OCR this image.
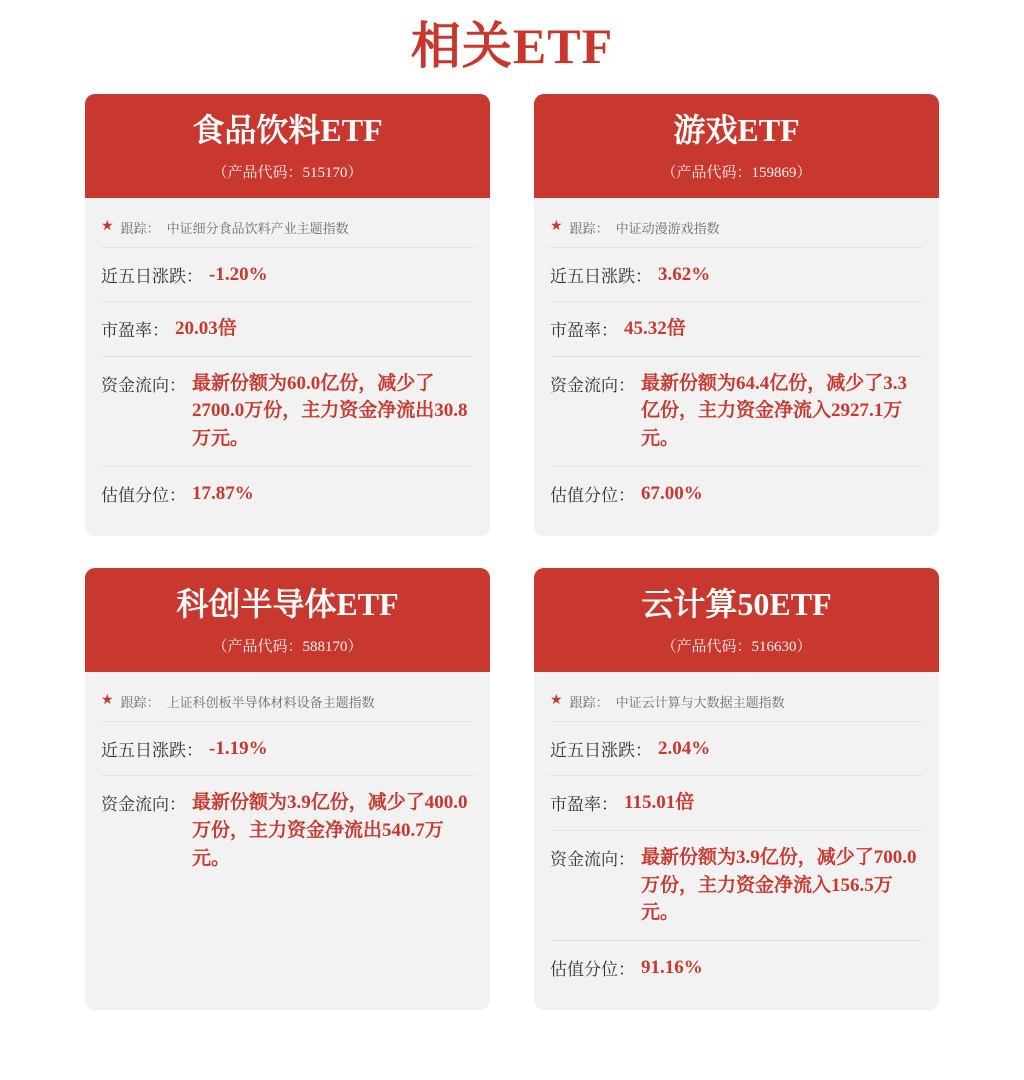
相关ETF
食品饮料ETF
（产品代码：515170）
★ 跟踪： 中证细分食品饮料产业主题指数
近五日涨跌： -1.20%
市盈率： 20.03倍
资金流向： 最新份额为60.0亿份，减少了2700.0万份，主力资金净流出30.8万元。
估值分位： 17.87%
游戏ETF
（产品代码：159869）
★ 跟踪： 中证动漫游戏指数
近五日涨跌： 3.62%
市盈率： 45.32倍
资金流向： 最新份额为64.4亿份，减少了3.3亿份，主力资金净流入2927.1万元。
估值分位： 67.00%
科创半导体ETF
（产品代码：588170）
★ 跟踪： 上证科创板半导体材料设备主题指数
近五日涨跌： -1.19%
资金流向： 最新份额为3.9亿份，减少了400.0万份，主力资金净流出540.7万元。
云计算50ETF
（产品代码：516630）
★ 跟踪： 中证云计算与大数据主题指数
近五日涨跌： 2.04%
市盈率： 115.01倍
资金流向： 最新份额为3.9亿份，减少了700.0万份，主力资金净流入156.5万元。
估值分位： 91.16%
